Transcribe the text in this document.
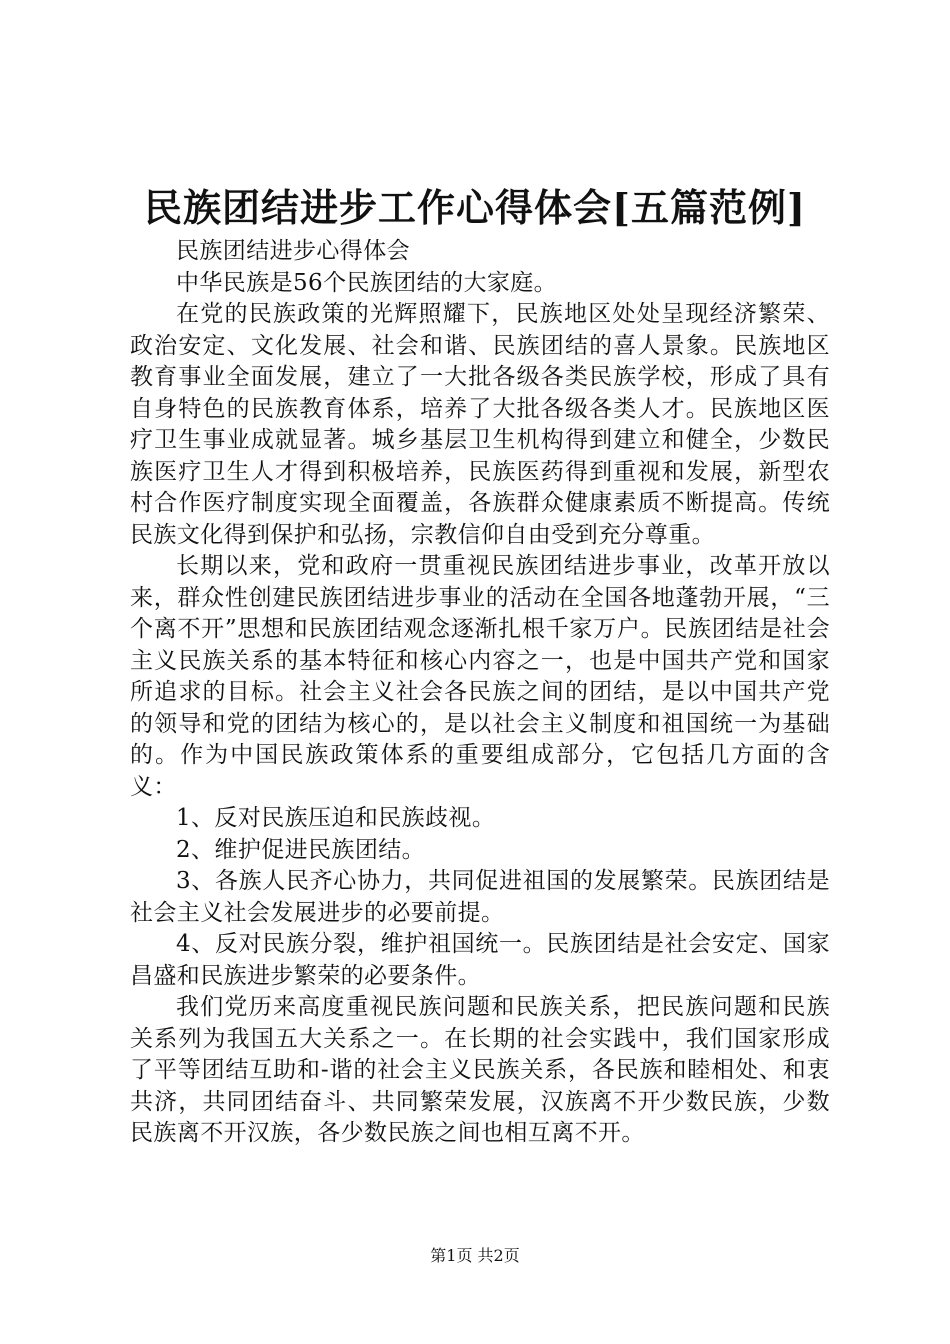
民族团结进步工作心得体会[五篇范例]

民族团结进步心得体会

中华民族是56个民族团结的大家庭。

在党的民族政策的光辉照耀下，民族地区处处呈现经济繁荣、政治安定、文化发展、社会和谐、民族团结的喜人景象。民族地区教育事业全面发展，建立了一大批各级各类民族学校，形成了具有自身特色的民族教育体系，培养了大批各级各类人才。民族地区医疗卫生事业成就显著。城乡基层卫生机构得到建立和健全，少数民族医疗卫生人才得到积极培养，民族医药得到重视和发展，新型农村合作医疗制度实现全面覆盖，各族群众健康素质不断提高。传统民族文化得到保护和弘扬，宗教信仰自由受到充分尊重。

长期以来，党和政府一贯重视民族团结进步事业，改革开放以来，群众性创建民族团结进步事业的活动在全国各地蓬勃开展，“三个离不开”思想和民族团结观念逐渐扎根千家万户。民族团结是社会主义民族关系的基本特征和核心内容之一，也是中国共产党和国家所追求的目标。社会主义社会各民族之间的团结，是以中国共产党的领导和党的团结为核心的，是以社会主义制度和祖国统一为基础的。作为中国民族政策体系的重要组成部分，它包括几方面的含义：

1、反对民族压迫和民族歧视。

2、维护促进民族团结。

3、各族人民齐心协力，共同促进祖国的发展繁荣。民族团结是社会主义社会发展进步的必要前提。

4、反对民族分裂，维护祖国统一。民族团结是社会安定、国家昌盛和民族进步繁荣的必要条件。

我们党历来高度重视民族问题和民族关系，把民族问题和民族关系列为我国五大关系之一。在长期的社会实践中，我们国家形成了平等团结互助和-谐的社会主义民族关系，各民族和睦相处、和衷共济，共同团结奋斗、共同繁荣发展，汉族离不开少数民族，少数民族离不开汉族，各少数民族之间也相互离不开。

第1页 共2页
